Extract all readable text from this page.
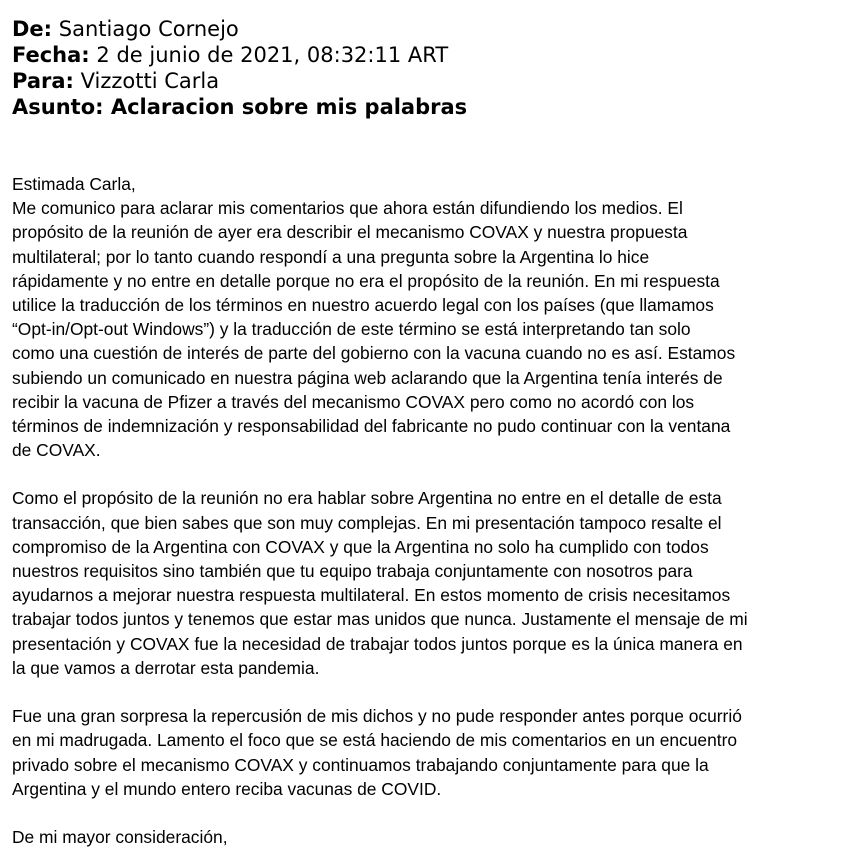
De: Santiago Cornejo
Fecha: 2 de junio de 2021, 08:32:11 ART
Para: Vizzotti Carla
Asunto: Aclaracion sobre mis palabras
Estimada Carla,
Me comunico para aclarar mis comentarios que ahora están difundiendo los medios. El
propósito de la reunión de ayer era describir el mecanismo COVAX y nuestra propuesta
multilateral; por lo tanto cuando respondí a una pregunta sobre la Argentina lo hice
rápidamente y no entre en detalle porque no era el propósito de la reunión. En mi respuesta
utilice la traducción de los términos en nuestro acuerdo legal con los países (que llamamos
“Opt-in/Opt-out Windows”) y la traducción de este término se está interpretando tan solo
como una cuestión de interés de parte del gobierno con la vacuna cuando no es así. Estamos
subiendo un comunicado en nuestra página web aclarando que la Argentina tenía interés de
recibir la vacuna de Pfizer a través del mecanismo COVAX pero como no acordó con los
términos de indemnización y responsabilidad del fabricante no pudo continuar con la ventana
de COVAX.
Como el propósito de la reunión no era hablar sobre Argentina no entre en el detalle de esta
transacción, que bien sabes que son muy complejas. En mi presentación tampoco resalte el
compromiso de la Argentina con COVAX y que la Argentina no solo ha cumplido con todos
nuestros requisitos sino también que tu equipo trabaja conjuntamente con nosotros para
ayudarnos a mejorar nuestra respuesta multilateral. En estos momento de crisis necesitamos
trabajar todos juntos y tenemos que estar mas unidos que nunca. Justamente el mensaje de mi
presentación y COVAX fue la necesidad de trabajar todos juntos porque es la única manera en
la que vamos a derrotar esta pandemia.
Fue una gran sorpresa la repercusión de mis dichos y no pude responder antes porque ocurrió
en mi madrugada. Lamento el foco que se está haciendo de mis comentarios en un encuentro
privado sobre el mecanismo COVAX y continuamos trabajando conjuntamente para que la
Argentina y el mundo entero reciba vacunas de COVID.
De mi mayor consideración,
